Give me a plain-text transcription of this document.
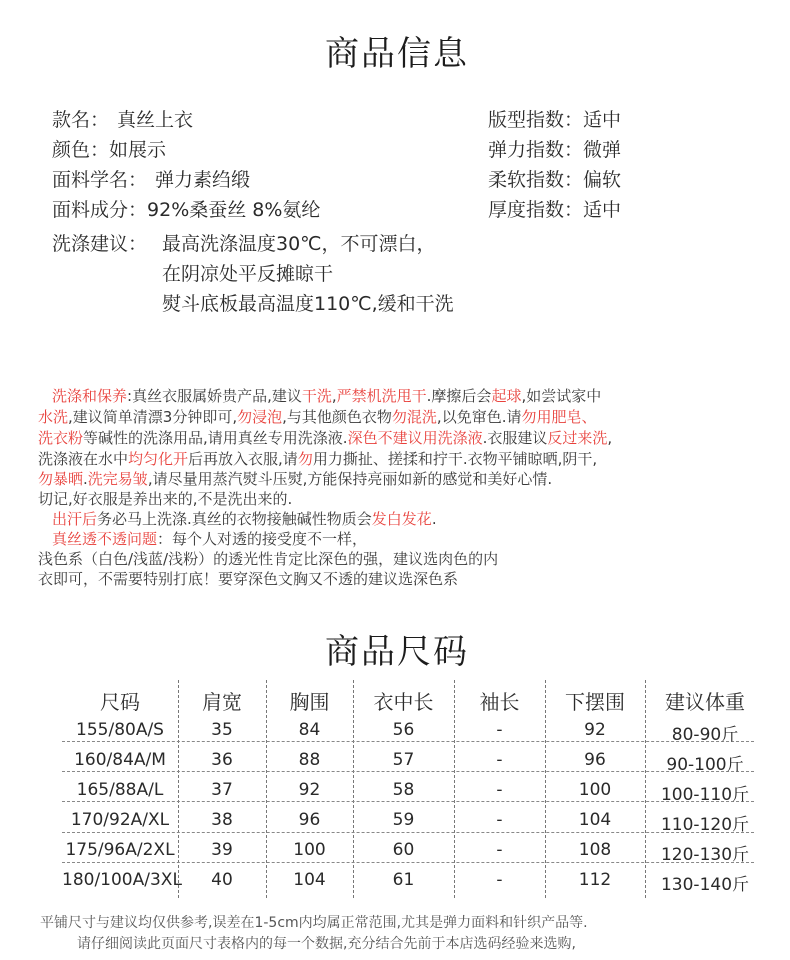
商品信息
款名： 真丝上衣
颜色：如展示
面料学名： 弹力素绉缎
面料成分：92%桑蚕丝 8%氨纶
版型指数：适中
弹力指数：微弹
柔软指数：偏软
厚度指数：适中
洗涤建议： 最高洗涤温度30℃，不可漂白，
在阴凉处平反摊晾干
熨斗底板最高温度110℃,缓和干洗
洗涤和保养:真丝衣服属娇贵产品,建议干洗,严禁机洗甩干.摩擦后会起球,如尝试家中
水洗,建议简单清漂3分钟即可,勿浸泡,与其他颜色衣物勿混洗,以免窜色.请勿用肥皂、
洗衣粉等碱性的洗涤用品,请用真丝专用洗涤液.深色不建议用洗涤液.衣服建议反过来洗,
洗涤液在水中均匀化开后再放入衣服,请勿用力撕扯、搓揉和拧干.衣物平铺晾晒,阴干,
勿暴晒.洗完易皱,请尽量用蒸汽熨斗压熨,方能保持亮丽如新的感觉和美好心情.
切记,好衣服是养出来的,不是洗出来的.
出汗后务必马上洗涤.真丝的衣物接触碱性物质会发白发花.
真丝透不透问题：每个人对透的接受度不一样，
浅色系（白色/浅蓝/浅粉）的透光性肯定比深色的强，建议选肉色的内
衣即可，不需要特别打底！要穿深色文胸又不透的建议选深色系
商品尺码
尺码	肩宽	胸围	衣中长	袖长	下摆围	建议体重
155/80A/S	35	84	56	-	92	80-90斤
160/84A/M	36	88	57	-	96	90-100斤
165/88A/L	37	92	58	-	100	100-110斤
170/92A/XL	38	96	59	-	104	110-120斤
175/96A/2XL	39	100	60	-	108	120-130斤
180/100A/3XL	40	104	61	-	112	130-140斤
平铺尺寸与建议均仅供参考,误差在1-5cm内均属正常范围,尤其是弹力面料和针织产品等.
请仔细阅读此页面尺寸表格内的每一个数据,充分结合先前于本店选码经验来选购,
